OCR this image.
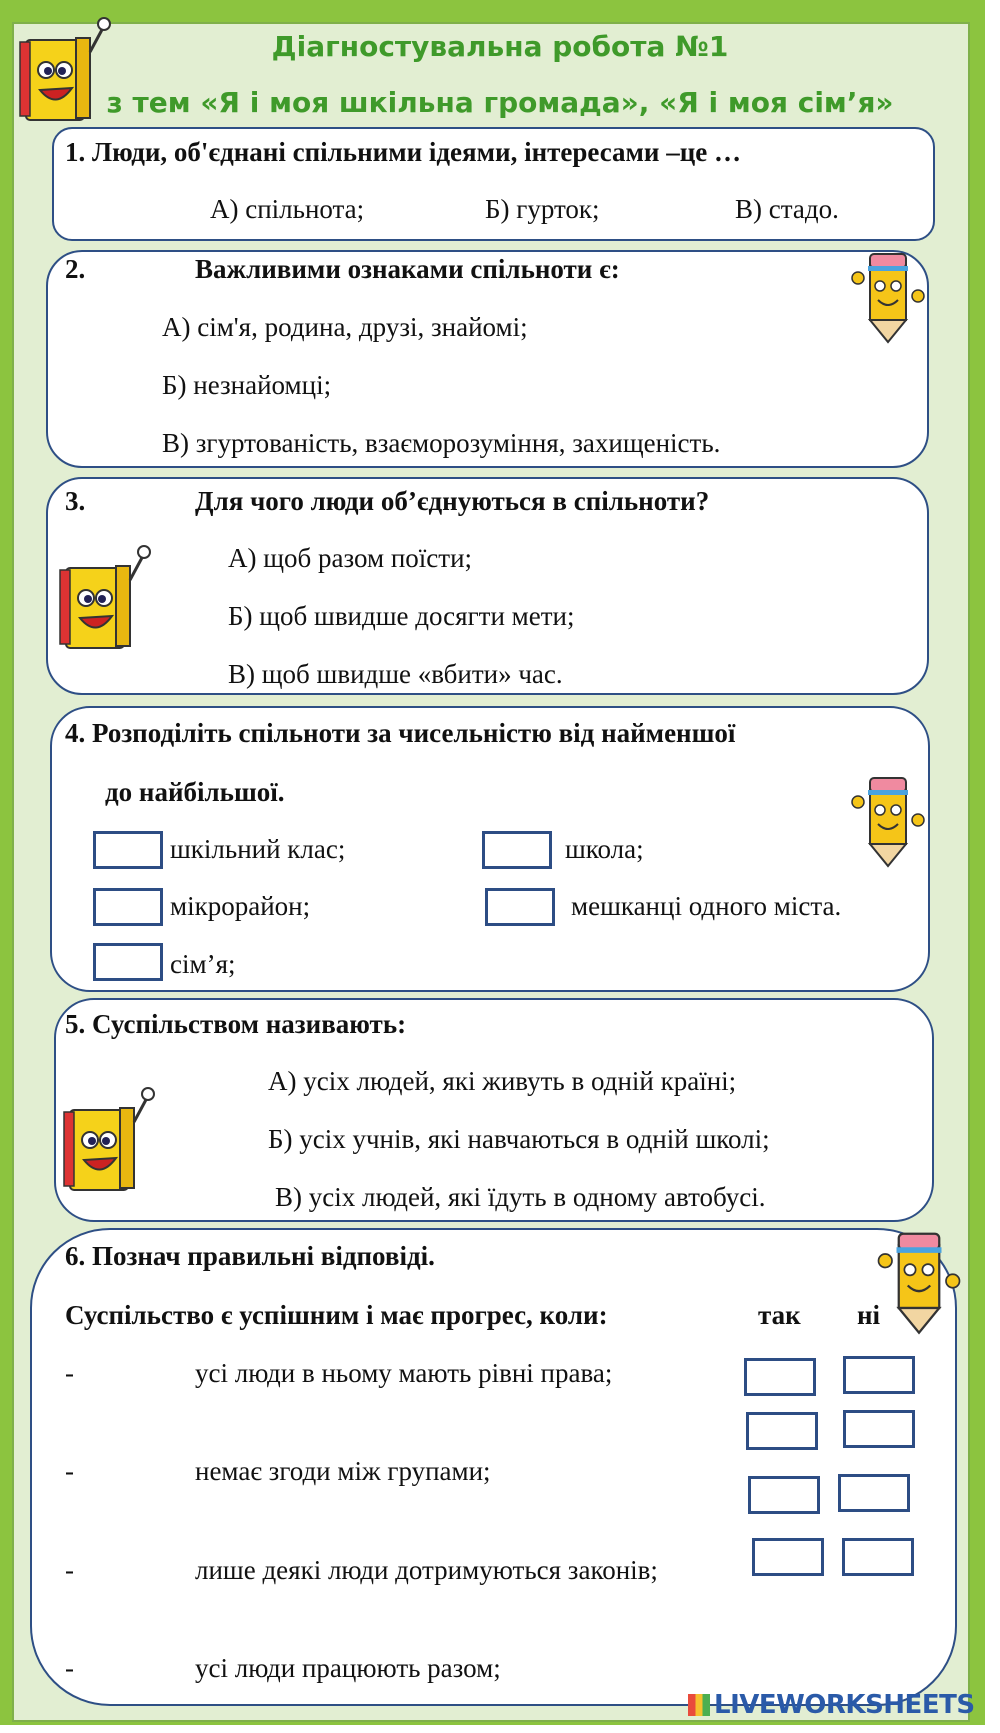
Діагностувальна робота №1
з тем «Я і моя шкільна громада», «Я і моя сім’я»
1. Люди, об'єднані спільними ідеями, інтересами –це …
А) спільнота;	Б) гурток;	В) стадо.
2.	Важливими ознаками спільноти є:
А) сім'я, родина, друзі, знайомі;
Б) незнайомці;
В) згуртованість, взаєморозуміння, захищеність.
3.	Для чого люди об’єднуються в спільноти?
А) щоб разом поїсти;
Б) щоб швидше досягти мети;
В) щоб швидше «вбити» час.
4. Розподіліть спільноти за чисельністю від найменшої
до найбільшої.
шкільний клас;	школа;
мікрорайон;	мешканці одного міста.
сім’я;
5. Суспільством називають:
А) усіх людей, які живуть в одній країні;
Б) усіх учнів, які навчаються в одній школі;
В) усіх людей, які їдуть в одному автобусі.
6. Познач правильні відповіді.
Суспільство є успішним і має прогрес, коли:	так ні
-	усі люди в ньому мають рівні права;
-	немає згоди між групами;
-	лише деякі люди дотримуються законів;
-	усі люди працюють разом;
LIVEWORKSHEETS
